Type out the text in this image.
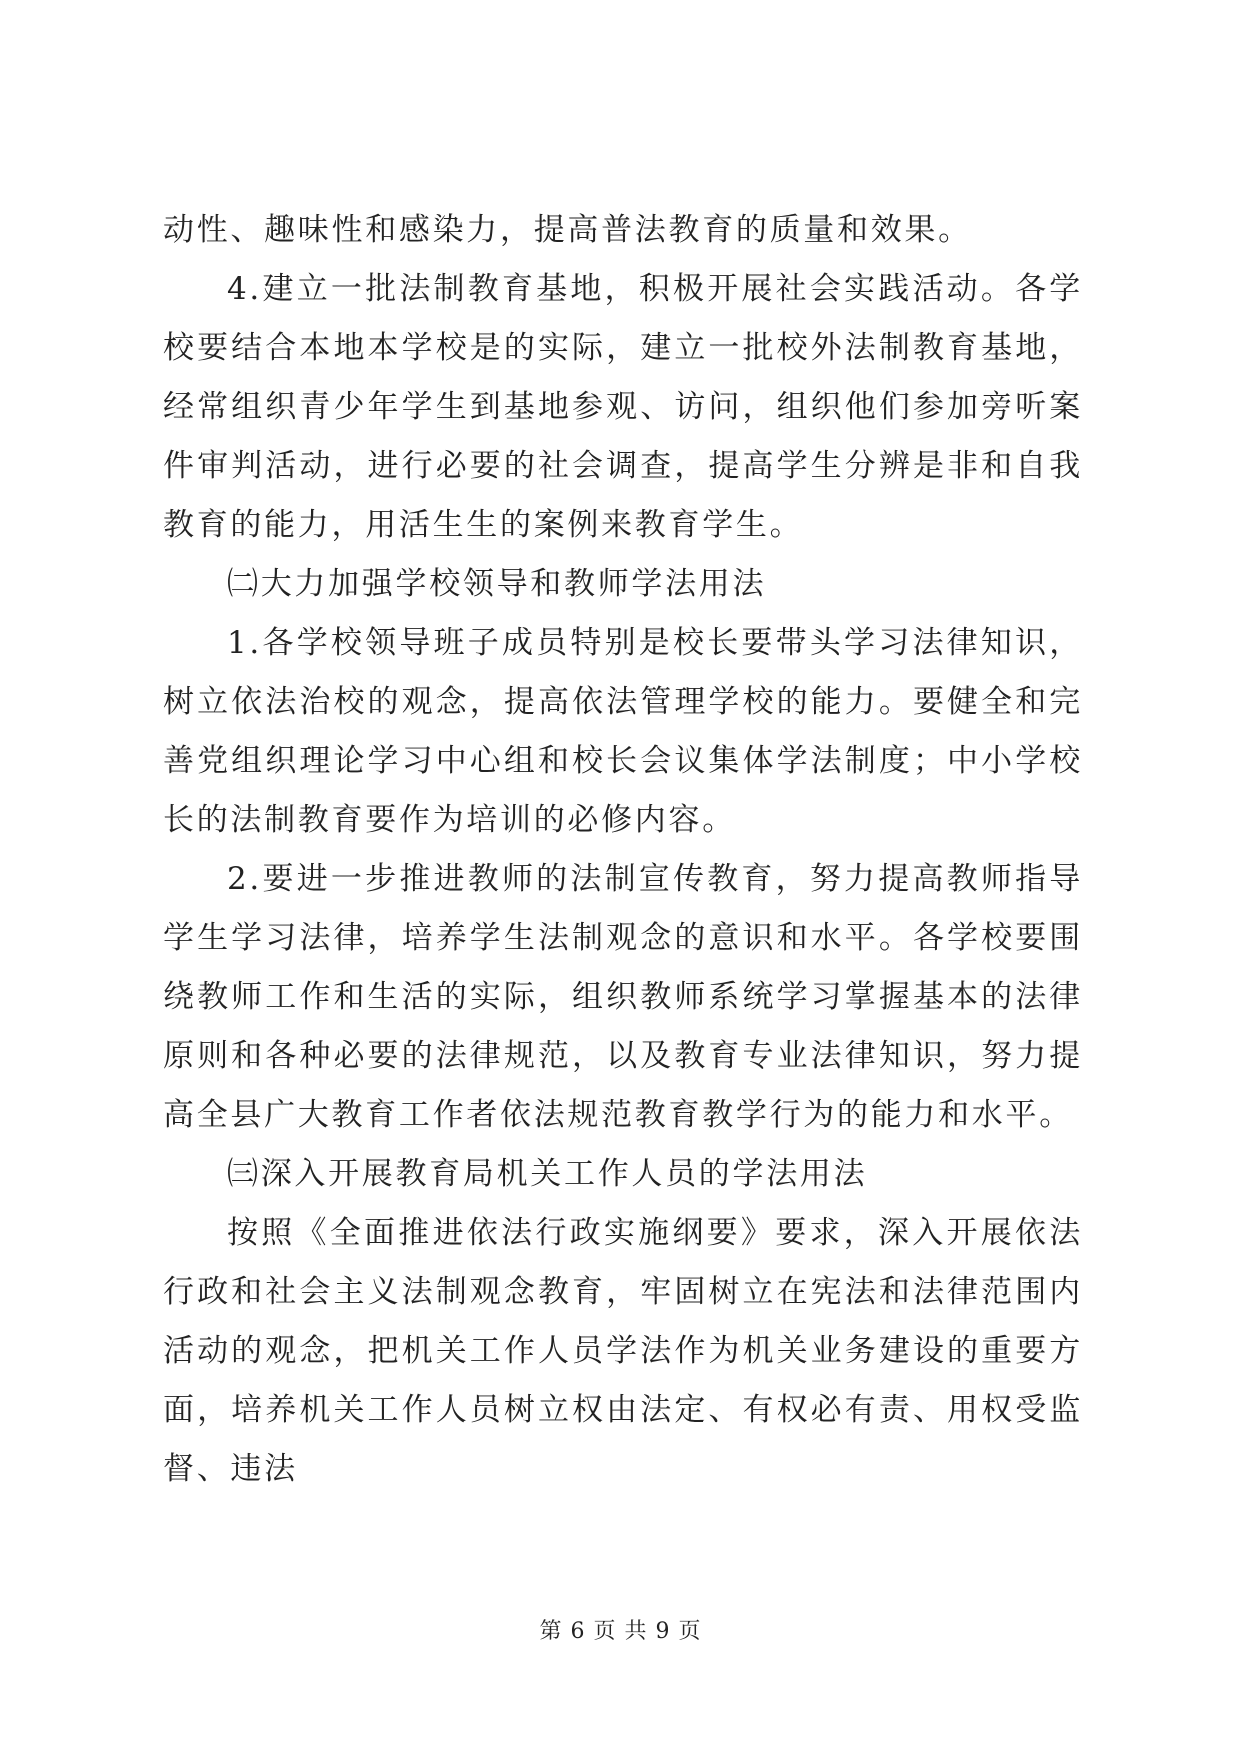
动性、趣味性和感染力，提高普法教育的质量和效果。

4.建立一批法制教育基地，积极开展社会实践活动。各学校要结合本地本学校是的实际，建立一批校外法制教育基地，经常组织青少年学生到基地参观、访问，组织他们参加旁听案件审判活动，进行必要的社会调查，提高学生分辨是非和自我教育的能力，用活生生的案例来教育学生。

㈡大力加强学校领导和教师学法用法

1.各学校领导班子成员特别是校长要带头学习法律知识，树立依法治校的观念，提高依法管理学校的能力。要健全和完善党组织理论学习中心组和校长会议集体学法制度；中小学校长的法制教育要作为培训的必修内容。

2.要进一步推进教师的法制宣传教育，努力提高教师指导学生学习法律，培养学生法制观念的意识和水平。各学校要围绕教师工作和生活的实际，组织教师系统学习掌握基本的法律原则和各种必要的法律规范，以及教育专业法律知识，努力提高全县广大教育工作者依法规范教育教学行为的能力和水平。

㈢深入开展教育局机关工作人员的学法用法

按照《全面推进依法行政实施纲要》要求，深入开展依法行政和社会主义法制观念教育，牢固树立在宪法和法律范围内活动的观念，把机关工作人员学法作为机关业务建设的重要方面，培养机关工作人员树立权由法定、有权必有责、用权受监督、违法

第 6 页 共 9 页
